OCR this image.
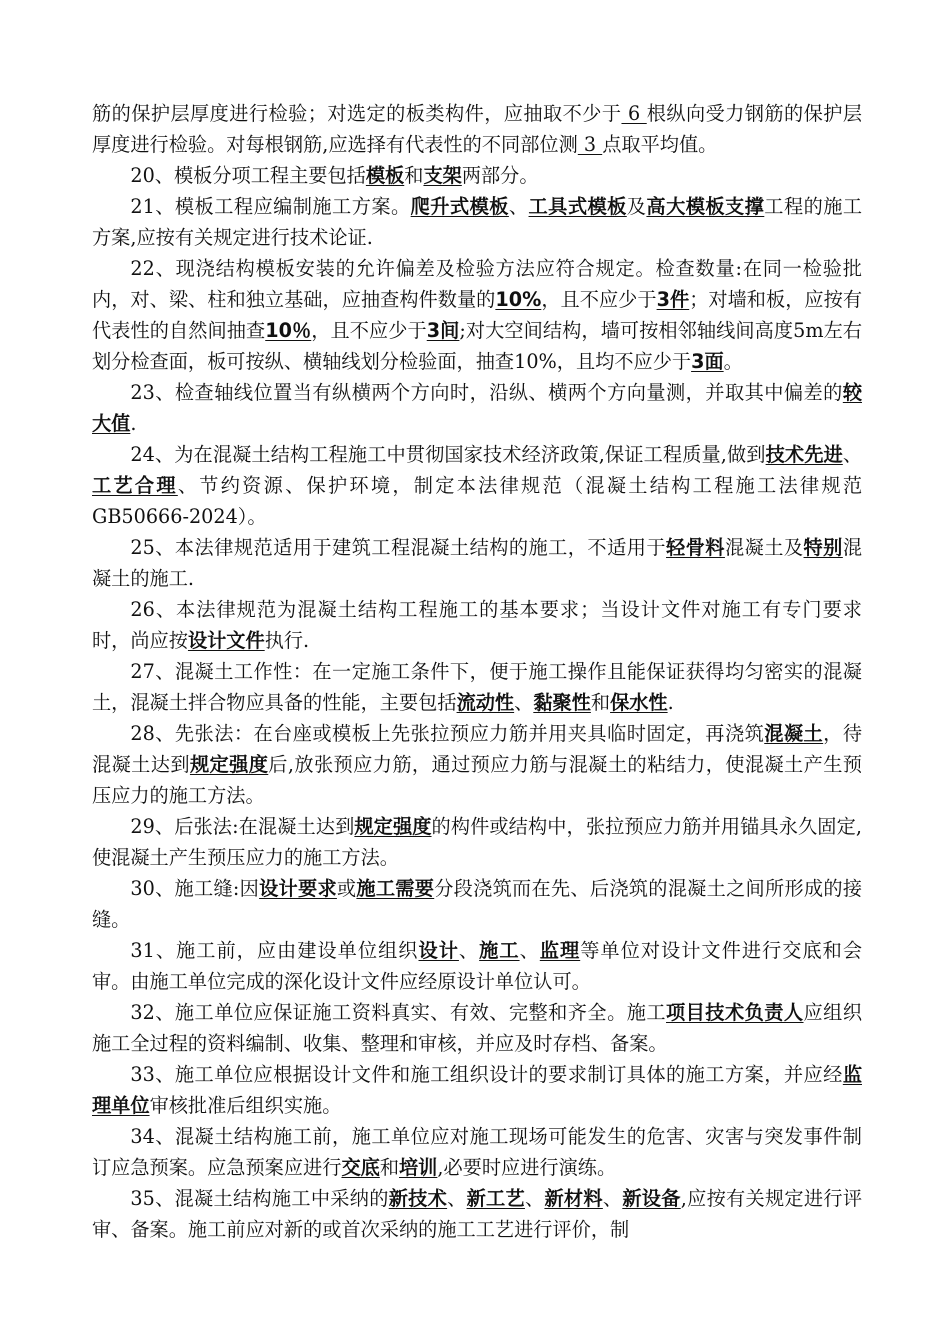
筋的保护层厚度进行检验；对选定的板类构件，应抽取不少于 6 根纵向受力钢筋的保护层厚度进行检验。对每根钢筋,应选择有代表性的不同部位测 3 点取平均值。

20、模板分项工程主要包括模板和支架两部分。

21、模板工程应编制施工方案。爬升式模板、工具式模板及高大模板支撑工程的施工方案,应按有关规定进行技术论证.

22、现浇结构模板安装的允许偏差及检验方法应符合规定。检查数量:在同一检验批内，对、梁、柱和独立基础，应抽查构件数量的10%，且不应少于3件；对墙和板，应按有代表性的自然间抽查10％，且不应少于3间;对大空间结构，墙可按相邻轴线间高度5m左右划分检查面，板可按纵、横轴线划分检验面，抽查10%，且均不应少于3面。

23、检查轴线位置当有纵横两个方向时，沿纵、横两个方向量测，并取其中偏差的较大值.

24、为在混凝土结构工程施工中贯彻国家技术经济政策,保证工程质量,做到技术先进、工艺合理、节约资源、保护环境，制定本法律规范（混凝土结构工程施工法律规范GB50666-2024）。

25、本法律规范适用于建筑工程混凝土结构的施工，不适用于轻骨料混凝土及特别混凝土的施工.

26、本法律规范为混凝土结构工程施工的基本要求；当设计文件对施工有专门要求时，尚应按设计文件执行.

27、混凝土工作性：在一定施工条件下，便于施工操作且能保证获得均匀密实的混凝土，混凝土拌合物应具备的性能，主要包括流动性、黏聚性和保水性.

28、先张法：在台座或模板上先张拉预应力筋并用夹具临时固定，再浇筑混凝土，待混凝土达到规定强度后,放张预应力筋，通过预应力筋与混凝土的粘结力，使混凝土产生预压应力的施工方法。

29、后张法:在混凝土达到规定强度的构件或结构中，张拉预应力筋并用锚具永久固定,使混凝土产生预压应力的施工方法。

30、施工缝:因设计要求或施工需要分段浇筑而在先、后浇筑的混凝土之间所形成的接缝。

31、施工前，应由建设单位组织设计、施工、监理等单位对设计文件进行交底和会审。由施工单位完成的深化设计文件应经原设计单位认可。

32、施工单位应保证施工资料真实、有效、完整和齐全。施工项目技术负责人应组织施工全过程的资料编制、收集、整理和审核，并应及时存档、备案。

33、施工单位应根据设计文件和施工组织设计的要求制订具体的施工方案，并应经监理单位审核批准后组织实施。

34、混凝土结构施工前，施工单位应对施工现场可能发生的危害、灾害与突发事件制订应急预案。应急预案应进行交底和培训,必要时应进行演练。

35、混凝土结构施工中采纳的新技术、新工艺、新材料、新设备,应按有关规定进行评审、备案。施工前应对新的或首次采纳的施工工艺进行评价，制
